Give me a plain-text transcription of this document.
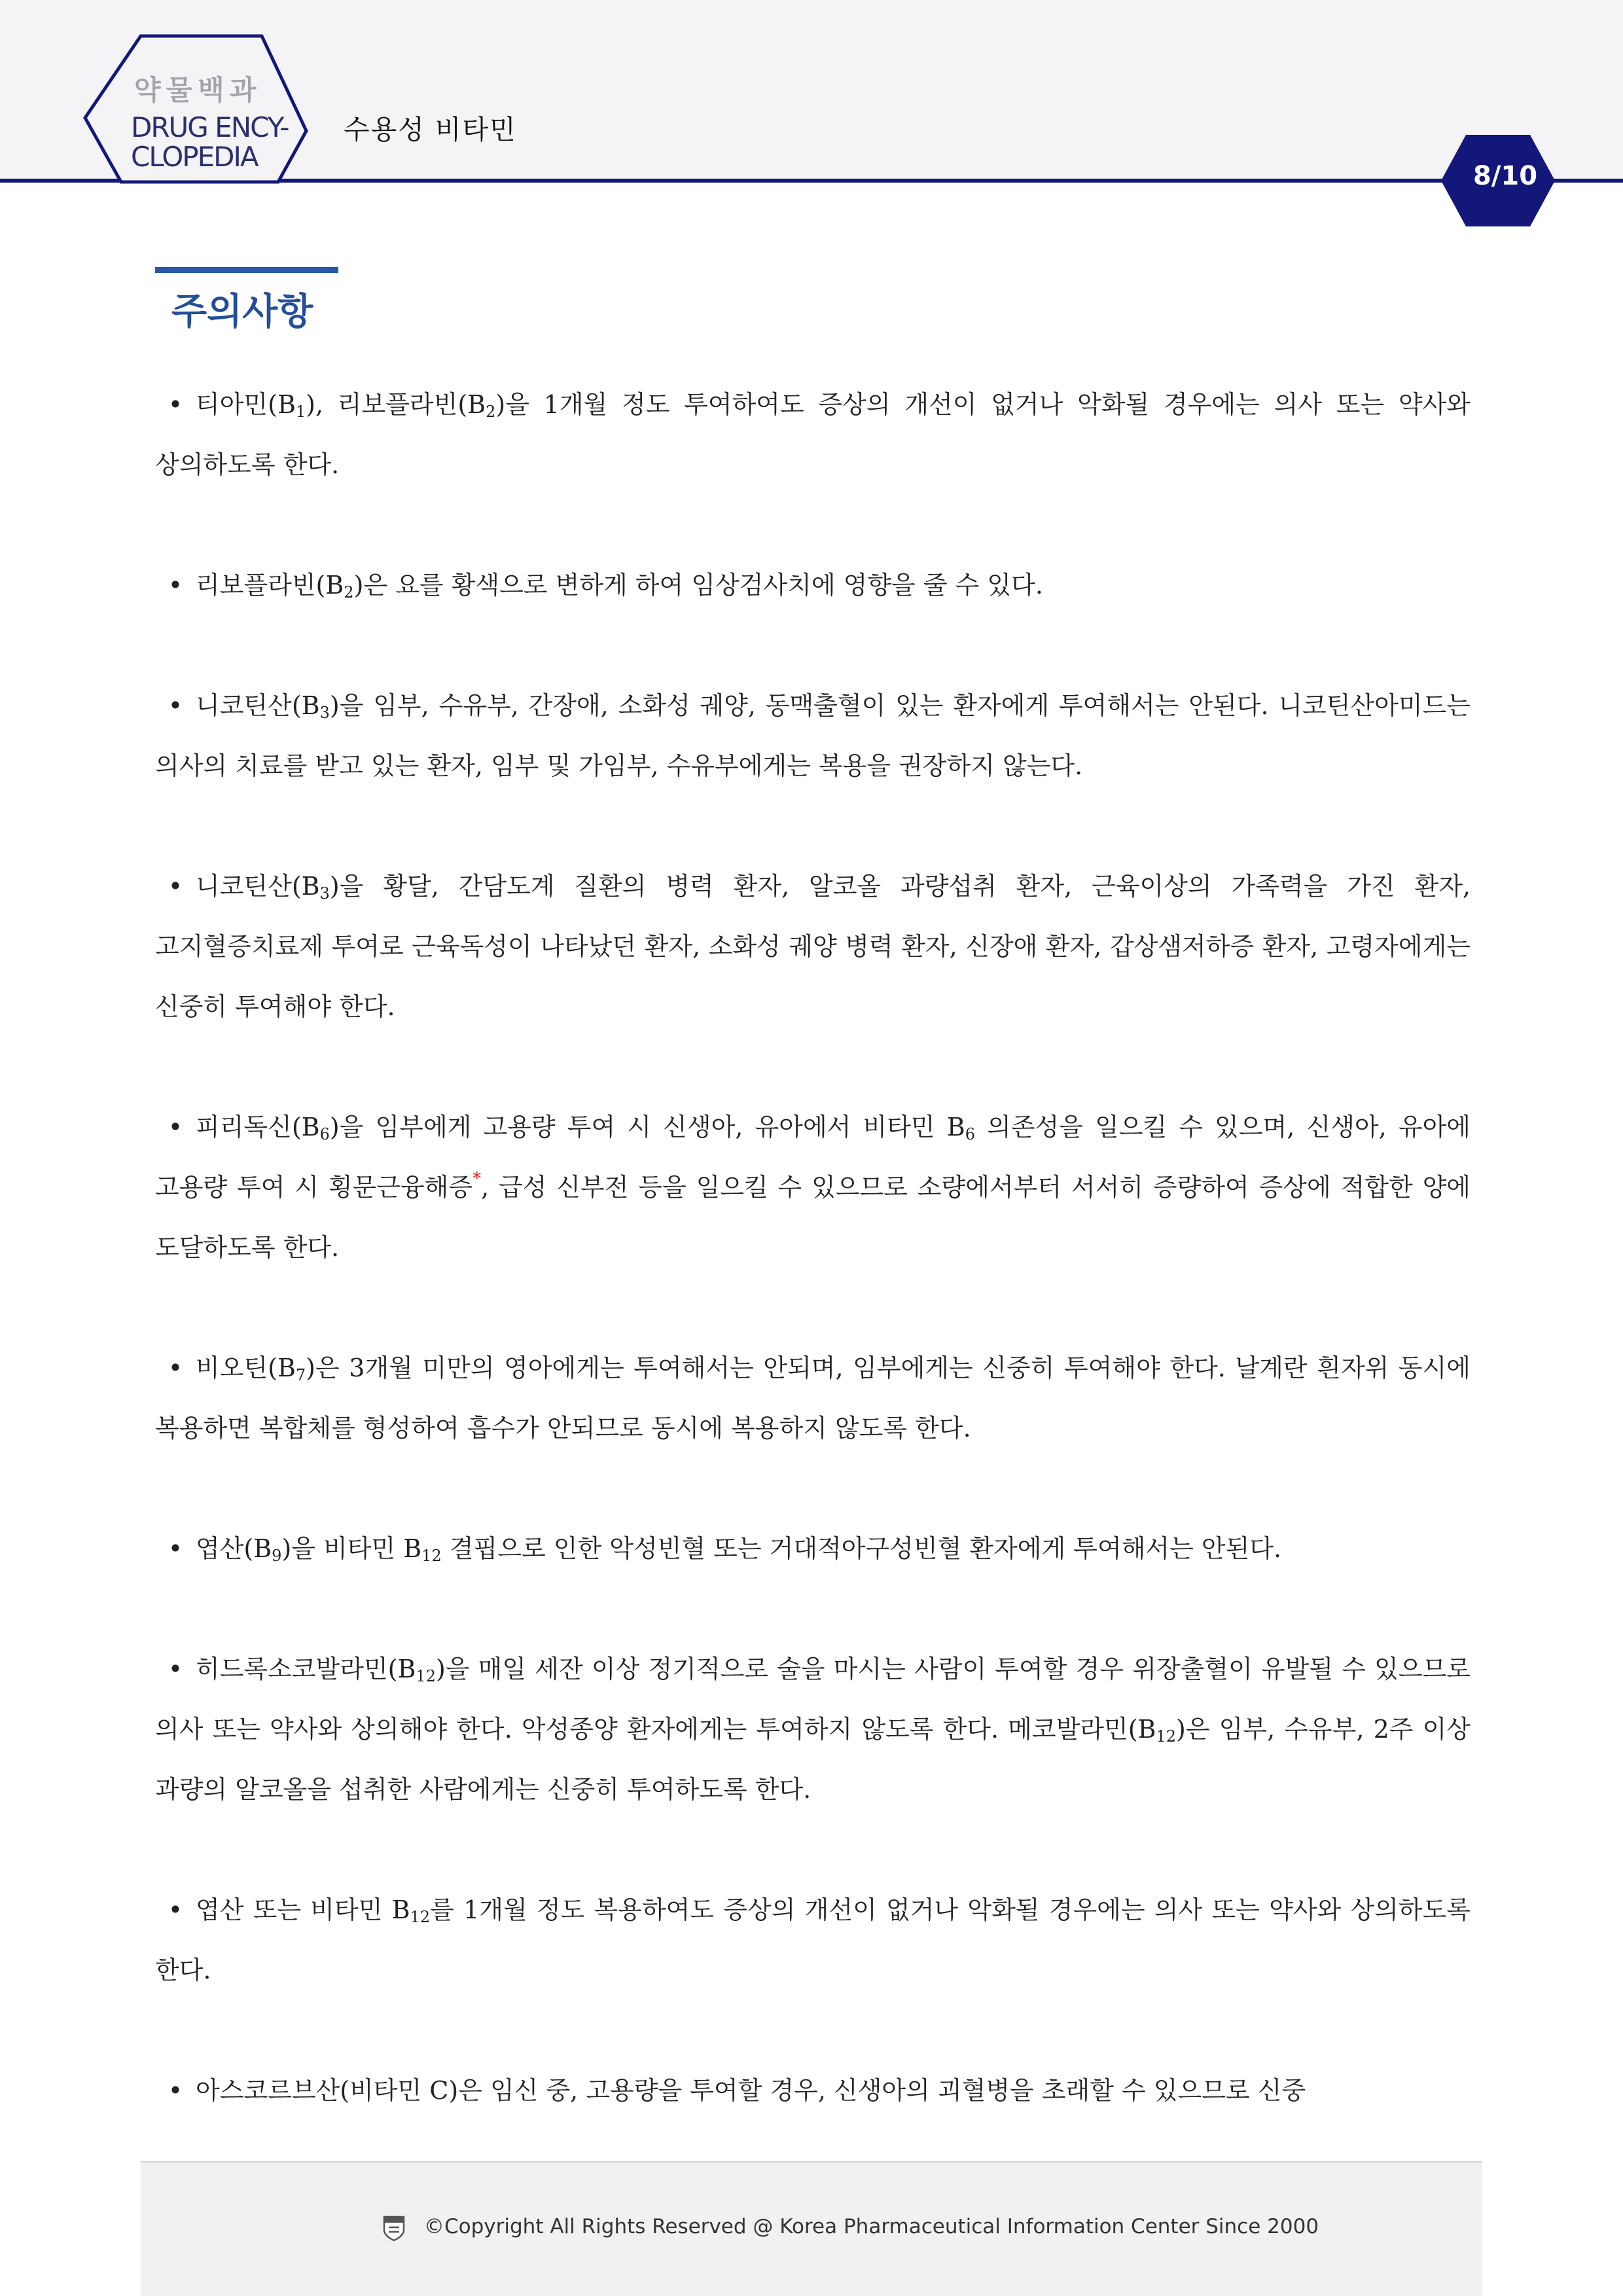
약물백과
DRUG ENCY-
CLOPEDIA
수용성 비타민
8/10
주의사항

• 티아민$(B_1)$, 리보플라빈$(B_2)$을 1개월 정도 투여하여도 증상의 개선이 없거나 악화될 경우에는 의사 또는 약사와 상의하도록 한다.

• 리보플라빈$(B_2)$은 요를 황색으로 변하게 하여 임상검사치에 영향을 줄 수 있다.

• 니코틴산$(B_3)$을 임부, 수유부, 간장애, 소화성 궤양, 동맥출혈이 있는 환자에게 투여해서는 안된다. 니코틴산아미드는 의사의 치료를 받고 있는 환자, 임부 및 가임부, 수유부에게는 복용을 권장하지 않는다.

• 니코틴산$(B_3)$을 황달, 간담도계 질환의 병력 환자, 알코올 과량섭취 환자, 근육이상의 가족력을 가진 환자, 고지혈증치료제 투여로 근육독성이 나타났던 환자, 소화성 궤양 병력 환자, 신장애 환자, 갑상샘저하증 환자, 고령자에게는 신중히 투여해야 한다.

• 피리독신$(B_6)$을 임부에게 고용량 투여 시 신생아, 유아에서 비타민 $B_6$ 의존성을 일으킬 수 있으며, 신생아, 유아에 고용량 투여 시 횡문근융해증*, 급성 신부전 등을 일으킬 수 있으므로 소량에서부터 서서히 증량하여 증상에 적합한 양에 도달하도록 한다.

• 비오틴$(B_7)$은 3개월 미만의 영아에게는 투여해서는 안되며, 임부에게는 신중히 투여해야 한다. 날계란 흰자위 동시에 복용하면 복합체를 형성하여 흡수가 안되므로 동시에 복용하지 않도록 한다.

• 엽산$(B_9)$을 비타민 $B_{12}$ 결핍으로 인한 악성빈혈 또는 거대적아구성빈혈 환자에게 투여해서는 안된다.

• 히드록소코발라민$(B_{12})$을 매일 세잔 이상 정기적으로 술을 마시는 사람이 투여할 경우 위장출혈이 유발될 수 있으므로 의사 또는 약사와 상의해야 한다. 악성종양 환자에게는 투여하지 않도록 한다. 메코발라민$(B_{12})$은 임부, 수유부, 2주 이상 과량의 알코올을 섭취한 사람에게는 신중히 투여하도록 한다.

• 엽산 또는 비타민 $B_{12}$를 1개월 정도 복용하여도 증상의 개선이 없거나 악화될 경우에는 의사 또는 약사와 상의하도록 한다.

• 아스코르브산(비타민 C)은 임신 중, 고용량을 투여할 경우, 신생아의 괴혈병을 초래할 수 있으므로 신중

©Copyright All Rights Reserved @ Korea Pharmaceutical Information Center Since 2000
